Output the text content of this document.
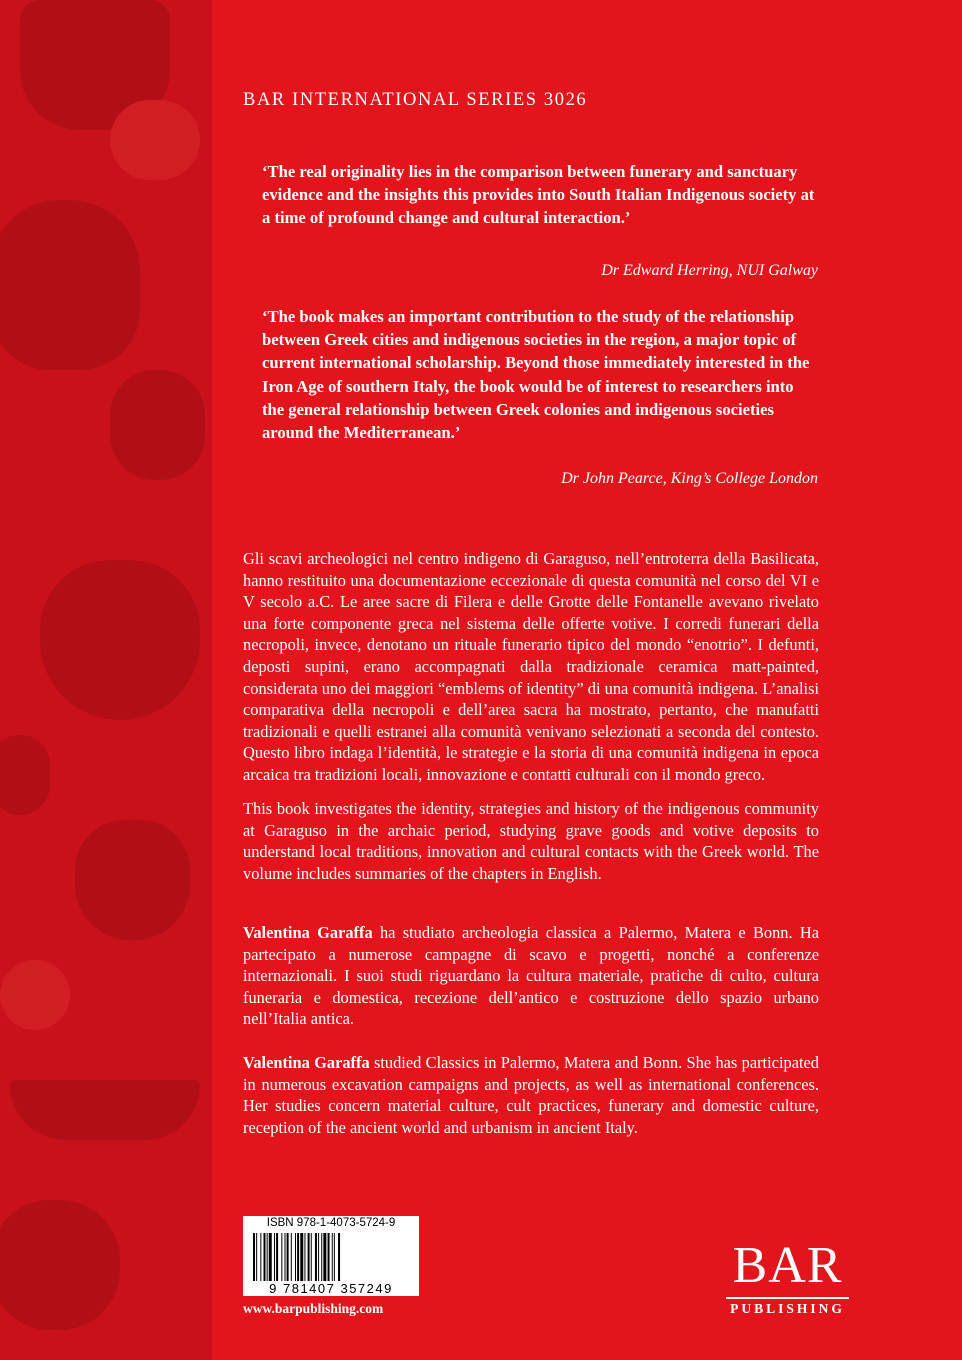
BAR INTERNATIONAL SERIES 3026
‘The real originality lies in the comparison between funerary and sanctuary evidence and the insights this provides into South Italian Indigenous society at a time of profound change and cultural interaction.’
Dr Edward Herring, NUI Galway
‘The book makes an important contribution to the study of the relationship between Greek cities and indigenous societies in the region, a major topic of current international scholarship. Beyond those immediately interested in the Iron Age of southern Italy, the book would be of interest to researchers into the general relationship between Greek colonies and indigenous societies around the Mediterranean.’
Dr John Pearce, King’s College London
Gli scavi archeologici nel centro indigeno di Garaguso, nell’entroterra della Basilicata, hanno restituito una documentazione eccezionale di questa comunità nel corso del VI e V secolo a.C. Le aree sacre di Filera e delle Grotte delle Fontanelle avevano rivelato una forte componente greca nel sistema delle offerte votive. I corredi funerari della necropoli, invece, denotano un rituale funerario tipico del mondo “enotrio”. I defunti, deposti supini, erano accompagnati dalla tradizionale ceramica matt-painted, considerata uno dei maggiori “emblems of identity” di una comunità indigena. L’analisi comparativa della necropoli e dell’area sacra ha mostrato, pertanto, che manufatti tradizionali e quelli estranei alla comunità venivano selezionati a seconda del contesto. Questo libro indaga l’identità, le strategie e la storia di una comunità indigena in epoca arcaica tra tradizioni locali, innovazione e contatti culturali con il mondo greco.
This book investigates the identity, strategies and history of the indigenous community at Garaguso in the archaic period, studying grave goods and votive deposits to understand local traditions, innovation and cultural contacts with the Greek world. The volume includes summaries of the chapters in English.
Valentina Garaffa ha studiato archeologia classica a Palermo, Matera e Bonn. Ha partecipato a numerose campagne di scavo e progetti, nonché a conferenze internazionali. I suoi studi riguardano la cultura materiale, pratiche di culto, cultura funeraria e domestica, recezione dell’antico e costruzione dello spazio urbano nell’Italia antica.
Valentina Garaffa studied Classics in Palermo, Matera and Bonn. She has participated in numerous excavation campaigns and projects, as well as international conferences. Her studies concern material culture, cult practices, funerary and domestic culture, reception of the ancient world and urbanism in ancient Italy.
ISBN 978-1-4073-5724-9
9 781407 357249
www.barpublishing.com
BAR
PUBLISHING
